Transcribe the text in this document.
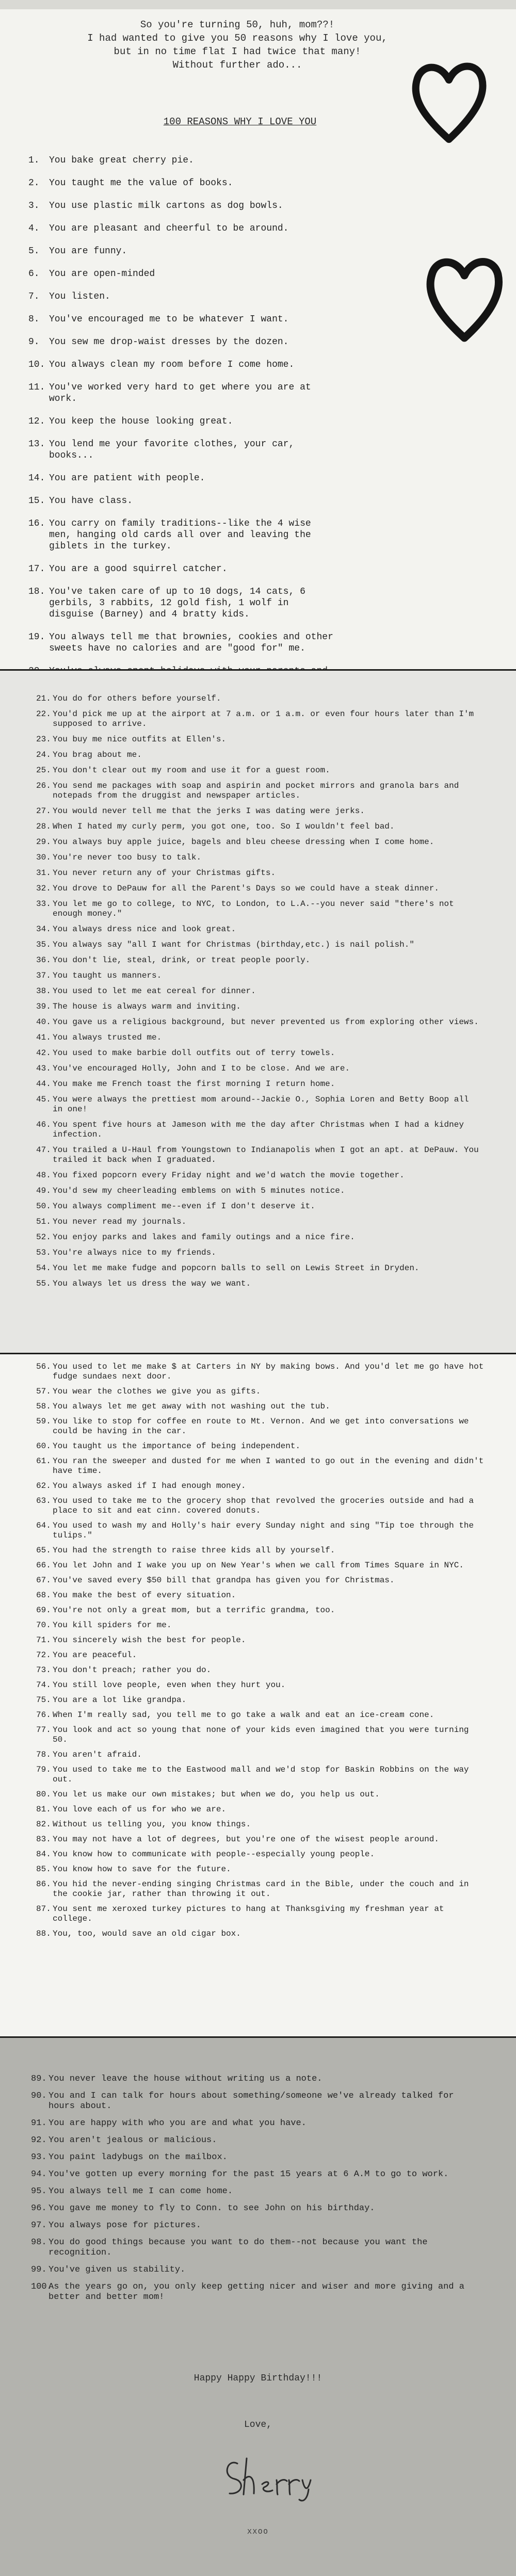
So you're turning 50, huh, mom??!
I had wanted to give you 50 reasons why I love you,
but in no time flat I had twice that many!
Without further ado...
100 REASONS WHY I LOVE YOU
1. You bake great cherry pie.
2. You taught me the value of books.
3. You use plastic milk cartons as dog bowls.
4. You are pleasant and cheerful to be around.
5. You are funny.
6. You are open-minded
7. You listen.
8. You've encouraged me to be whatever I want.
9. You sew me drop-waist dresses by the dozen.
10. You always clean my room before I come home.
11. You've worked very hard to get where you are at work.
12. You keep the house looking great.
13. You lend me your favorite clothes, your car, books...
14. You are patient with people.
15. You have class.
16. You carry on family traditions--like the 4 wise men, hanging old cards all over and leaving the giblets in the turkey.
17. You are a good squirrel catcher.
18. You've taken care of up to 10 dogs, 14 cats, 6 gerbils, 3 rabbits, 12 gold fish, 1 wolf in disguise (Barney) and 4 bratty kids.
19. You always tell me that brownies, cookies and other sweets have no calories and are "good for" me.
21. You do for others before yourself.
22. You'd pick me up at the airport at 7 a.m. or 1 a.m. or even four hours later than I'm supposed to arrive.
23. You buy me nice outfits at Ellen's.
24. You brag about me.
25. You don't clear out my room and use it for a guest room.
26. You send me packages with soap and aspirin and pocket mirrors and granola bars and notepads from the druggist and newspaper articles.
27. You would never tell me that the jerks I was dating were jerks.
28. When I hated my curly perm, you got one, too. So I wouldn't feel bad.
29. You always buy apple juice, bagels and bleu cheese dressing when I come home.
30. You're never too busy to talk.
31. You never return any of your Christmas gifts.
32. You drove to DePauw for all the Parent's Days so we could have a steak dinner.
33. You let me go to college, to NYC, to London, to L.A.--you never said "there's not enough money."
34. You always dress nice and look great.
35. You always say "all I want for Christmas (birthday,etc.) is nail polish."
36. You don't lie, steal, drink, or treat people poorly.
37. You taught us manners.
38. You used to let me eat cereal for dinner.
39. The house is always warm and inviting.
40. You gave us a religious background, but never prevented us from exploring other views.
41. You always trusted me.
42. You used to make barbie doll outfits out of terry towels.
43. You've encouraged Holly, John and I to be close. And we are.
44. You make me French toast the first morning I return home.
45. You were always the prettiest mom around--Jackie O., Sophia Loren and Betty Boop all in one!
46. You spent five hours at Jameson with me the day after Christmas when I had a kidney infection.
47. You trailed a U-Haul from Youngstown to Indianapolis when I got an apt. at DePauw. You trailed it back when I graduated.
48. You fixed popcorn every Friday night and we'd watch the movie together.
49. You'd sew my cheerleading emblems on with 5 minutes notice.
50. You always compliment me--even if I don't deserve it.
51. You never read my journals.
52. You enjoy parks and lakes and family outings and a nice fire.
53. You're always nice to my friends.
54. You let me make fudge and popcorn balls to sell on Lewis Street in Dryden.
55. You always let us dress the way we want.
56. You used to let me make $ at Carters in NY by making bows. And you'd let me go have hot fudge sundaes next door.
57. You wear the clothes we give you as gifts.
58. You always let me get away with not washing out the tub.
59. You like to stop for coffee en route to Mt. Vernon. And we get into conversations we could be having in the car.
60. You taught us the importance of being independent.
61. You ran the sweeper and dusted for me when I wanted to go out in the evening and didn't have time.
62. You always asked if I had enough money.
63. You used to take me to the grocery shop that revolved the groceries outside and had a place to sit and eat cinn. covered donuts.
64. You used to wash my and Holly's hair every Sunday night and sing "Tip toe through the tulips."
65. You had the strength to raise three kids all by yourself.
66. You let John and I wake you up on New Year's when we call from Times Square in NYC.
67. You've saved every $50 bill that grandpa has given you for Christmas.
68. You make the best of every situation.
69. You're not only a great mom, but a terrific grandma, too.
70. You kill spiders for me.
71. You sincerely wish the best for people.
72. You are peaceful.
73. You don't preach; rather you do.
74. You still love people, even when they hurt you.
75. You are a lot like grandpa.
76. When I'm really sad, you tell me to go take a walk and eat an ice-cream cone.
77. You look and act so young that none of your kids even imagined that you were turning 50.
78. You aren't afraid.
79. You used to take me to the Eastwood mall and we'd stop for Baskin Robbins on the way out.
80. You let us make our own mistakes; but when we do, you help us out.
81. You love each of us for who we are.
82. Without us telling you, you know things.
83. You may not have a lot of degrees, but you're one of the wisest people around.
84. You know how to communicate with people--especially young people.
85. You know how to save for the future.
86. You hid the never-ending singing Christmas card in the Bible, under the couch and in the cookie jar, rather than throwing it out.
87. You sent me xeroxed turkey pictures to hang at Thanksgiving my freshman year at college.
88. You, too, would save an old cigar box.
89. You never leave the house without writing us a note.
90. You and I can talk for hours about something/someone we've already talked for hours about.
91. You are happy with who you are and what you have.
92. You aren't jealous or malicious.
93. You paint ladybugs on the mailbox.
94. You've gotten up every morning for the past 15 years at 6 A.M to go to work.
95. You always tell me I can come home.
96. You gave me money to fly to Conn. to see John on his birthday.
97. You always pose for pictures.
98. You do good things because you want to do them--not because you want the recognition.
99. You've given us stability.
100.
As the years go on, you only keep getting nicer and wiser and more giving and a better and better mom!
Happy Happy Birthday!!!
Love,
XXOO
